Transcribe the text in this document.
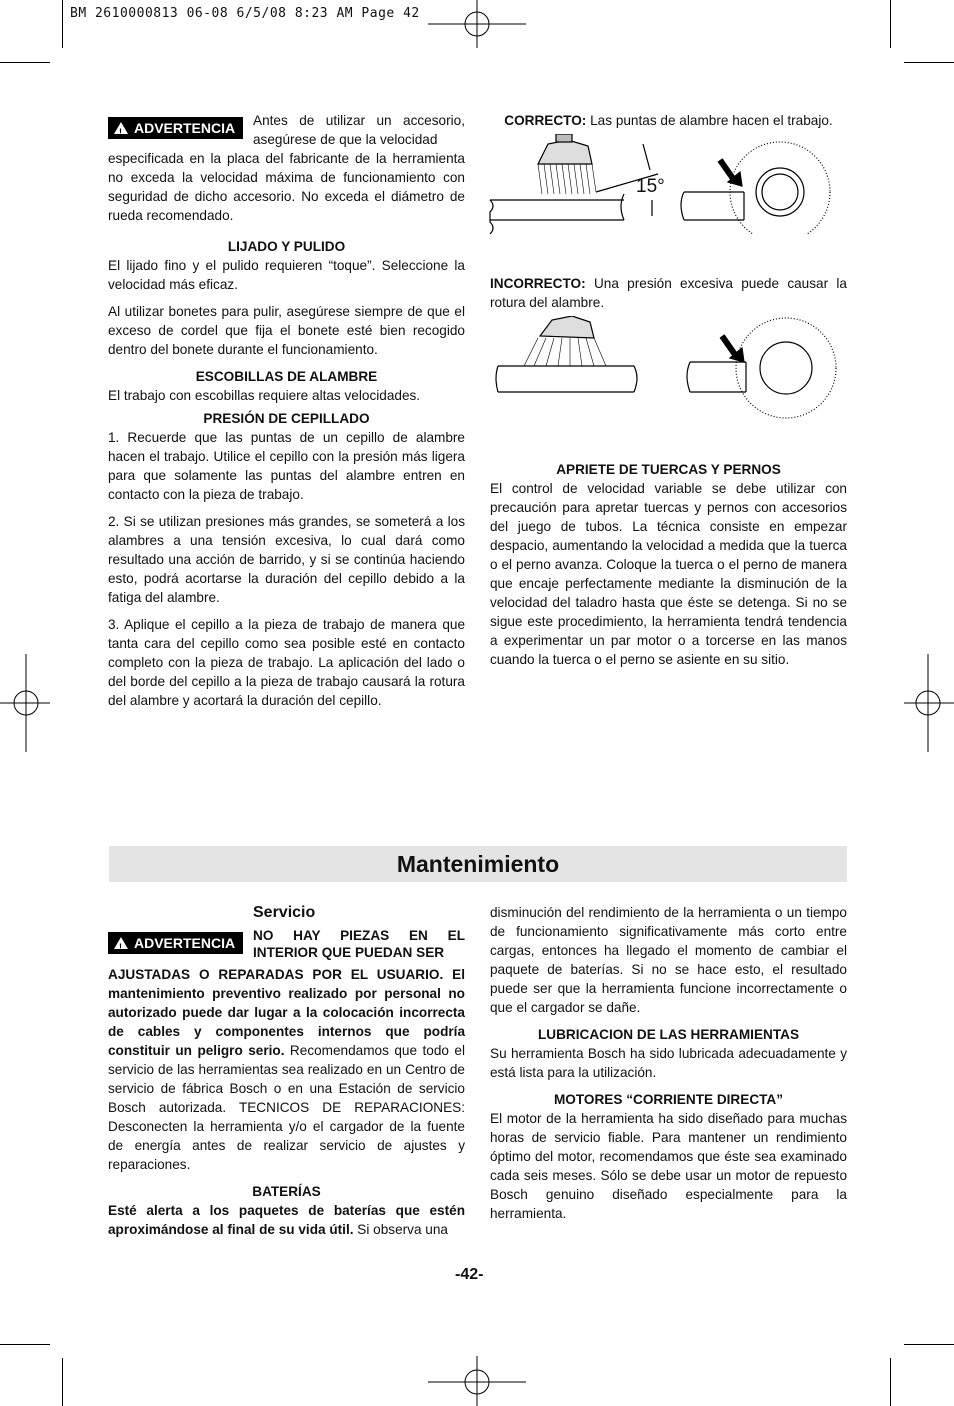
BM 2610000813 06-08 6/5/08 8:23 AM Page 42
!
ADVERTENCIA Antes de utilizar un accesorio, asegúrese de que la velocidad

especificada en la placa del fabricante de la herramienta no exceda la velocidad máxima de funcionamiento con seguridad de dicho accesorio. No exceda el diámetro de rueda recomendado.

LIJADO Y PULIDO

El lijado fino y el pulido requieren “toque”. Seleccione la velocidad más eficaz.

Al utilizar bonetes para pulir, asegúrese siempre de que el exceso de cordel que fija el bonete esté bien recogido dentro del bonete durante el funcionamiento.

ESCOBILLAS DE ALAMBRE

El trabajo con escobillas requiere altas velocidades.

PRESIÓN DE CEPILLADO

1. Recuerde que las puntas de un cepillo de alambre hacen el trabajo. Utilice el cepillo con la presión más ligera para que solamente las puntas del alambre entren en contacto con la pieza de trabajo.

2. Si se utilizan presiones más grandes, se someterá a los alambres a una tensión excesiva, lo cual dará como resultado una acción de barrido, y si se continúa haciendo esto, podrá acortarse la duración del cepillo debido a la fatiga del alambre.

3. Aplique el cepillo a la pieza de trabajo de manera que tanta cara del cepillo como sea posible esté en contacto completo con la pieza de trabajo. La aplicación del lado o del borde del cepillo a la pieza de trabajo causará la rotura del alambre y acortará la duración del cepillo.

CORRECTO: Las puntas de alambre hacen el trabajo.
15°

INCORRECTO: Una presión excesiva puede causar la rotura del alambre.

APRIETE DE TUERCAS Y PERNOS

El control de velocidad variable se debe utilizar con precaución para apretar tuercas y pernos con accesorios del juego de tubos. La técnica consiste en empezar despacio, aumentando la velocidad a medida que la tuerca o el perno avanza. Coloque la tuerca o el perno de manera que encaje perfectamente mediante la disminución de la velocidad del taladro hasta que éste se detenga. Si no se sigue este procedimiento, la herramienta tendrá tendencia a experimentar un par motor o a torcerse en las manos cuando la tuerca o el perno se asiente en su sitio.

Mantenimiento
Servicio
!
ADVERTENCIA NO HAY PIEZAS EN EL INTERIOR QUE PUEDAN SER

AJUSTADAS O REPARADAS POR EL USUARIO. El mantenimiento preventivo realizado por personal no autorizado puede dar lugar a la colocación incorrecta de cables y componentes internos que podría constituir un peligro serio. Recomendamos que todo el servicio de las herramientas sea realizado en un Centro de servicio de fábrica Bosch o en una Estación de servicio Bosch autorizada. TECNICOS DE REPARACIONES: Desconecten la herramienta y/o el cargador de la fuente de energía antes de realizar servicio de ajustes y reparaciones.

BATERÍAS

Esté alerta a los paquetes de baterías que estén aproximándose al final de su vida útil. Si observa una

disminución del rendimiento de la herramienta o un tiempo de funcionamiento significativamente más corto entre cargas, entonces ha llegado el momento de cambiar el paquete de baterías. Si no se hace esto, el resultado puede ser que la herramienta funcione incorrectamente o que el cargador se dañe.

LUBRICACION DE LAS HERRAMIENTAS

Su herramienta Bosch ha sido lubricada adecuadamente y está lista para la utilización.

MOTORES “CORRIENTE DIRECTA”

El motor de la herramienta ha sido diseñado para muchas horas de servicio fiable. Para mantener un rendimiento óptimo del motor, recomendamos que éste sea examinado cada seis meses. Sólo se debe usar un motor de repuesto Bosch genuino diseñado especialmente para la herramienta.

-42-
